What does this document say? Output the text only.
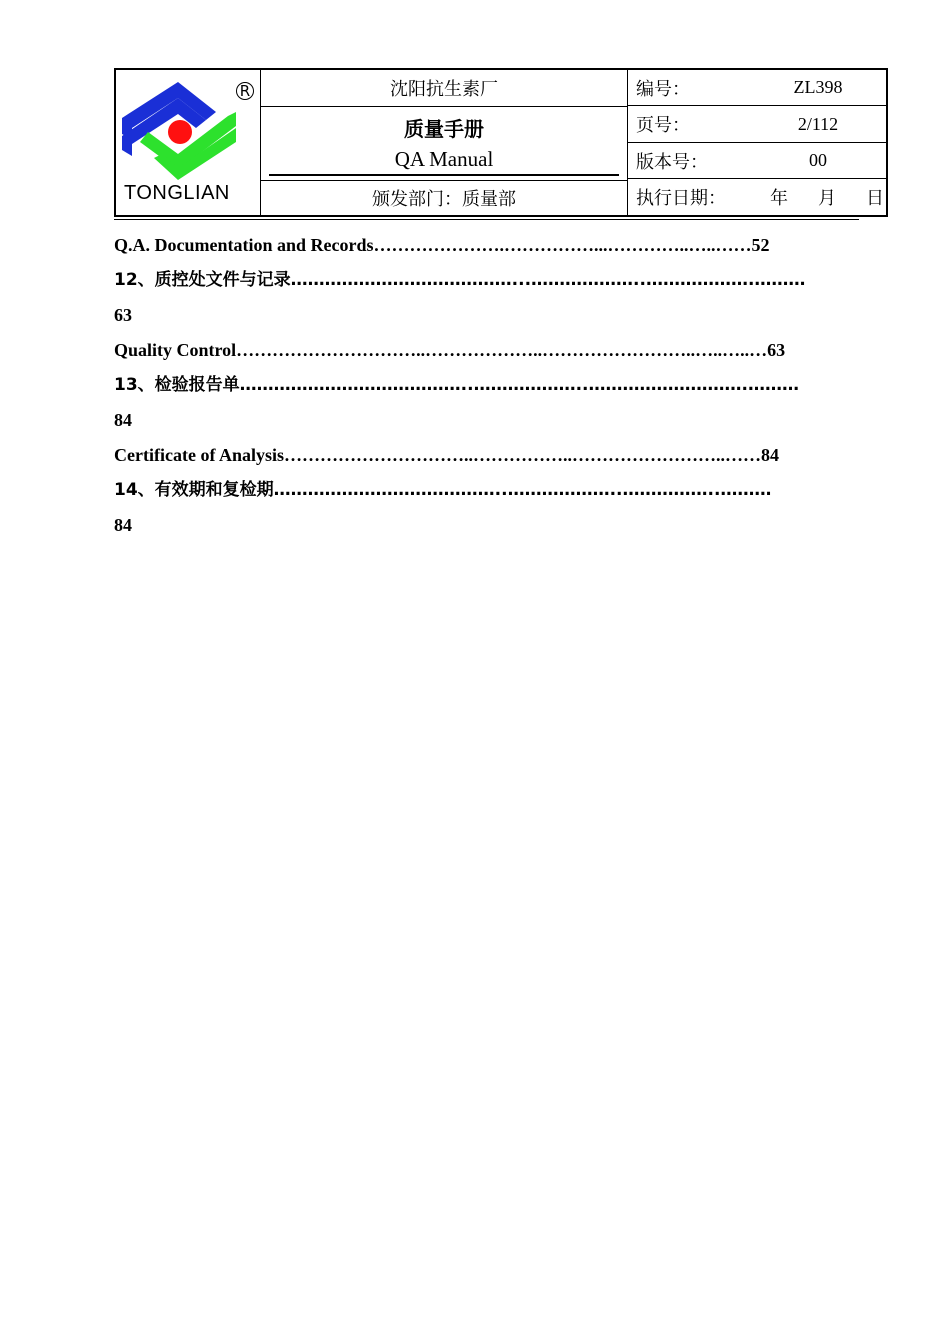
R
TONGLIAN
沈阳抗生素厂
质量手册
QA Manual
颁发部门：质量部
编号：	ZL398
页号：	2/112
版本号：	00
执行日期： 年 月 日
Q.A. Documentation and Records………………….……………...…………..…..……52
12、质控处文件与记录…………………………………...………………..……………….………
63
Quality Control…………………………..………………..……………………..…..…..…63
13、检验报告单…………………………………..………………..……………………….………
84
Certificate of Analysis…………………………..……………..……………………..……84
14、有效期和复检期…………………………………..………………..……………..………
84
